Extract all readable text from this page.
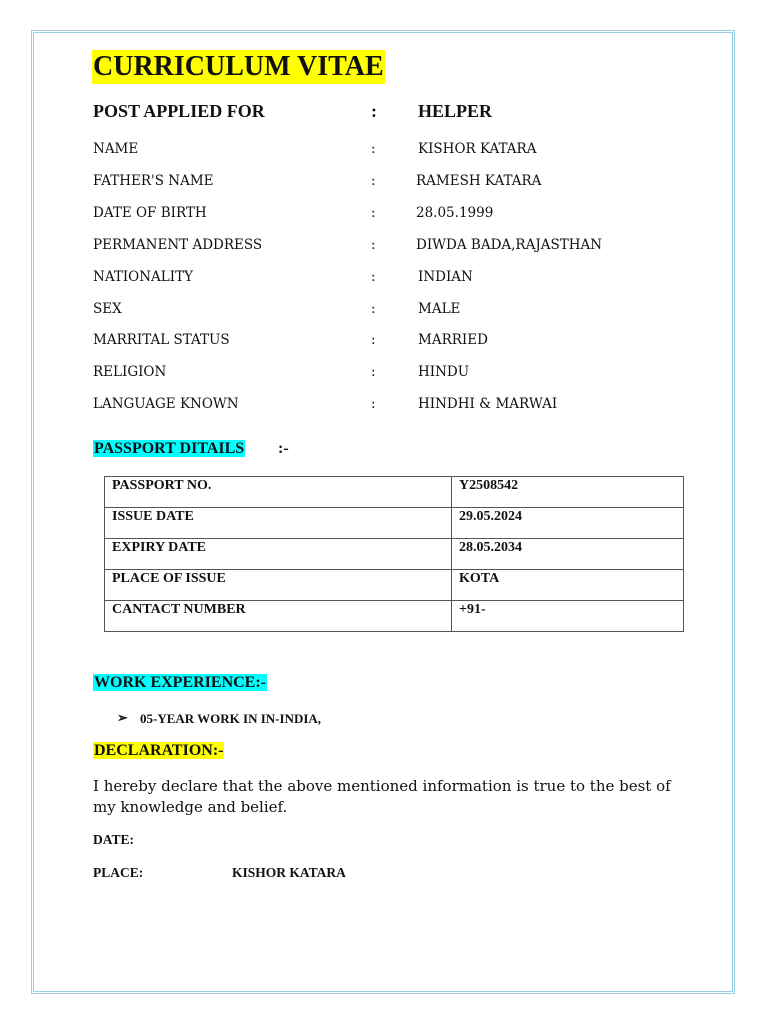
CURRICULUM VITAE
POST APPLIED FOR	: HELPER
NAME	:	KISHOR KATARA
FATHER'S NAME	:	RAMESH KATARA
DATE OF BIRTH	:	28.05.1999
PERMANENT ADDRESS	:	DIWDA BADA,RAJASTHAN
NATIONALITY	:	INDIAN
SEX	:	MALE
MARRITAL STATUS	:	MARRIED
RELIGION	:	HINDU
LANGUAGE KNOWN	:	HINDHI & MARWAI
PASSPORT DITAILS :-
PASSPORT NO.	Y2508542
ISSUE DATE	29.05.2024
EXPIRY DATE	28.05.2034
PLACE OF ISSUE	KOTA
CANTACT NUMBER	+91-
WORK EXPERIENCE:-
➢ 05-YEAR WORK IN IN-INDIA,
DECLARATION:-
I hereby declare that the above mentioned information is true to the best of my knowledge and belief.
DATE:
PLACE:	KISHOR KATARA
